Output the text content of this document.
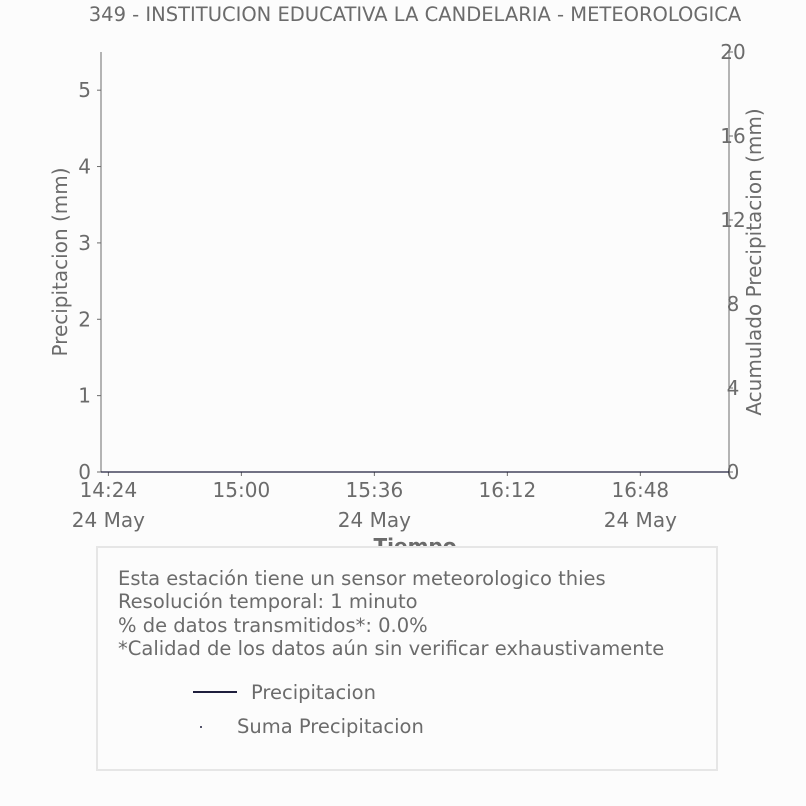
349 - INSTITUCION EDUCATIVA LA CANDELARIA - METEOROLOGICA
0
1
2
3
4
5
0
4
8
12
16
20
14:24	15:00	15:36	16:12	16:48
24 May	24 May	24 May
Precipitacion (mm)	Acumulado Precipitacion (mm)
Esta estación tiene un sensor meteorologico thies
Resolución temporal: 1 minuto
% de datos transmitidos*: 0.0%
*Calidad de los datos aún sin verificar exhaustivamente
Precipitacion
Suma Precipitacion
